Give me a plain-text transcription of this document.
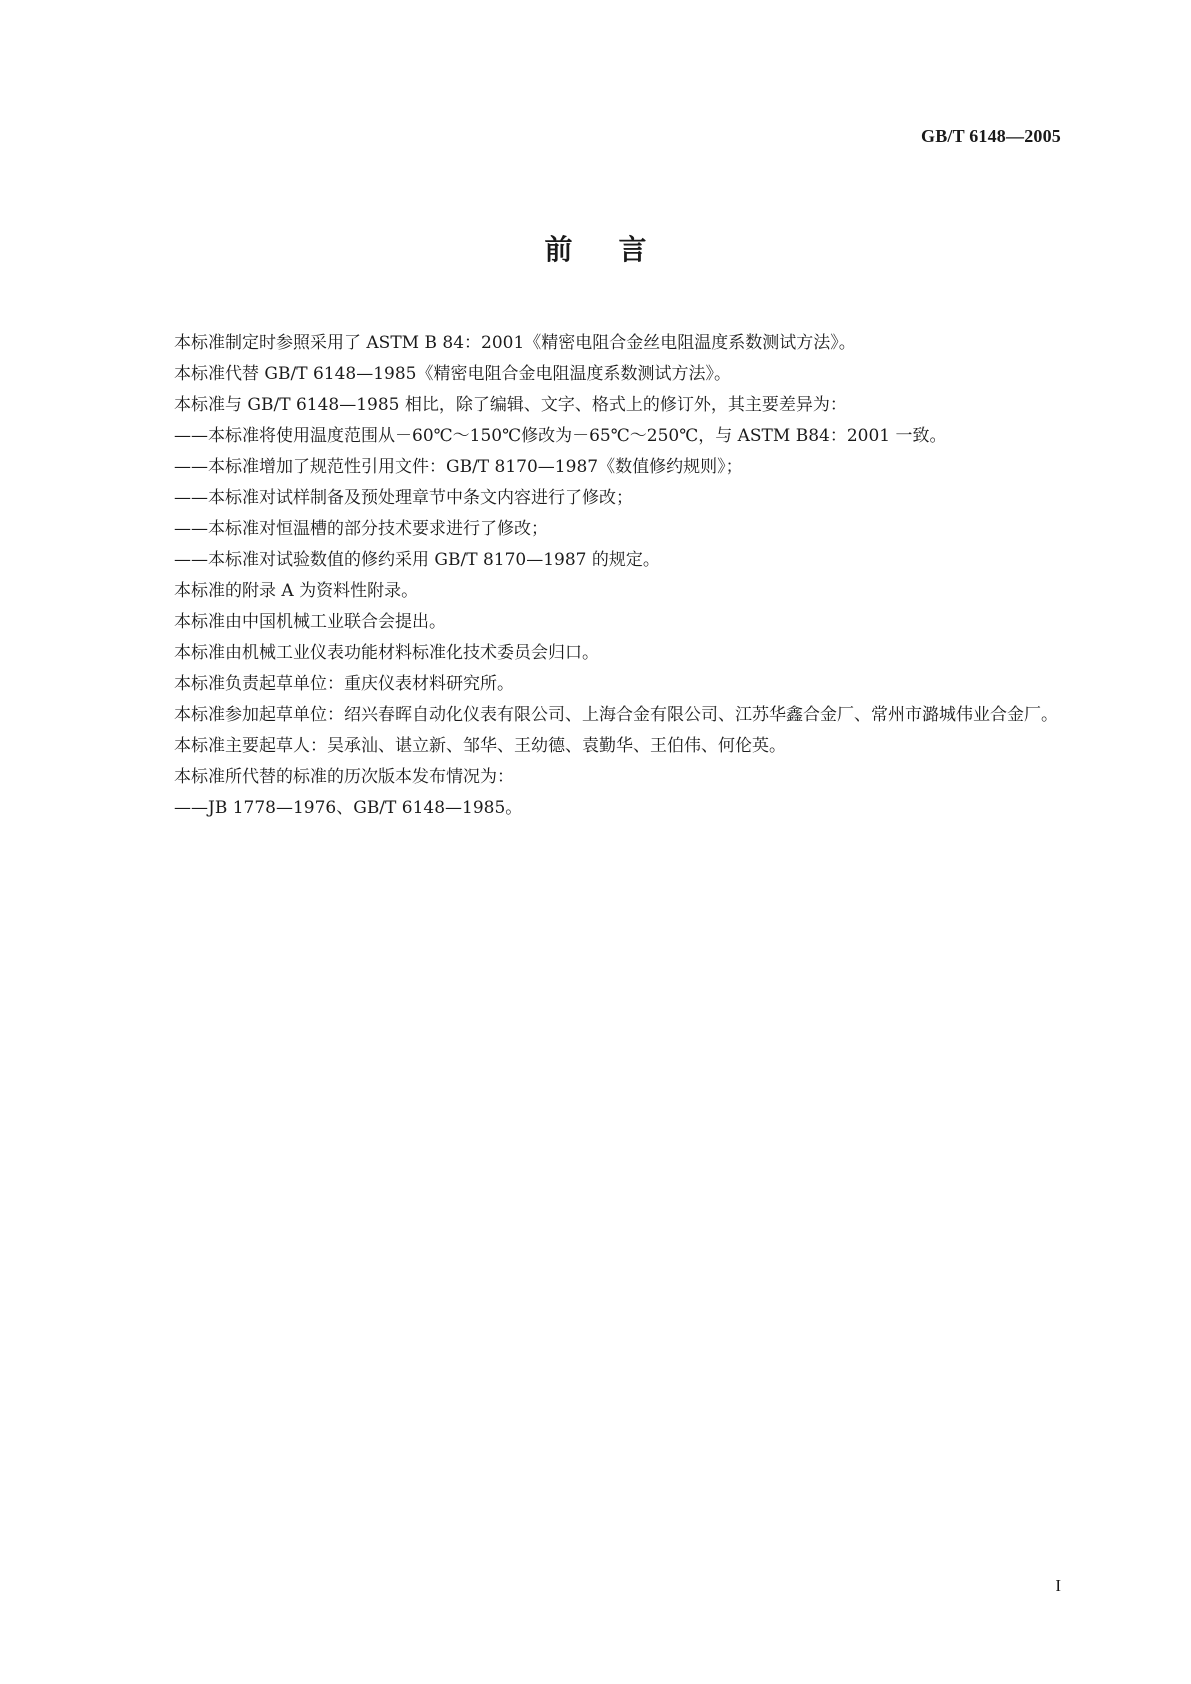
GB/T 6148—2005
前言

本标准制定时参照采用了 ASTM B 84：2001《精密电阻合金丝电阻温度系数测试方法》。

本标准代替 GB/T 6148—1985《精密电阻合金电阻温度系数测试方法》。

本标准与 GB/T 6148—1985 相比，除了编辑、文字、格式上的修订外，其主要差异为：

——本标准将使用温度范围从－60℃～150℃修改为－65℃～250℃，与 ASTM B84：2001 一致。

——本标准增加了规范性引用文件：GB/T 8170—1987《数值修约规则》；

——本标准对试样制备及预处理章节中条文内容进行了修改；

——本标准对恒温槽的部分技术要求进行了修改；

——本标准对试验数值的修约采用 GB/T 8170—1987 的规定。

本标准的附录 A 为资料性附录。

本标准由中国机械工业联合会提出。

本标准由机械工业仪表功能材料标准化技术委员会归口。

本标准负责起草单位：重庆仪表材料研究所。

本标准参加起草单位：绍兴春晖自动化仪表有限公司、上海合金有限公司、江苏华鑫合金厂、常州市潞城伟业合金厂。

本标准主要起草人：吴承汕、谌立新、邹华、王幼德、袁勤华、王伯伟、何伦英。

本标准所代替的标准的历次版本发布情况为：

——JB 1778—1976、GB/T 6148—1985。

I
